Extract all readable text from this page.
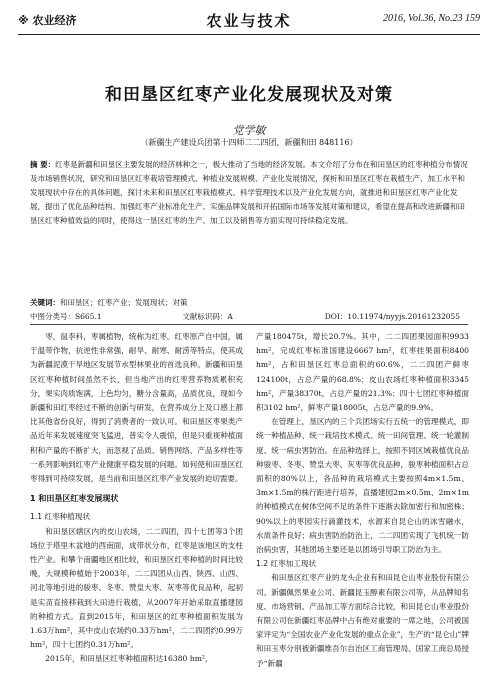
※ 农业经济	农业与技术	2016, Vol.36, No.23 159
和田垦区红枣产业化发展现状及对策
党学敏
（新疆生产建设兵团第十四师二二四团，新疆和田 848116）

摘 要：红枣是新疆和田垦区主要发展的经济林种之一，极大推动了当地的经济发展。本文介绍了分布在和田垦区的红枣种植分布情况及市场销售状况，研究和田垦区红枣栽培管理模式、种植业发展规模、产业化发展情况，探析和田垦区红枣在栽植生产、加工水平和发展现状中存在的具体问题，探讨未来和田垦区红枣栽植模式、科学管理技术以及产业化发展方向，就推进和田垦区红枣产业化发展，提出了优化品种结构、加强红枣产业标准化生产、实施品牌发展和开拓国际市场等发展对策和建议，希望在提高和改进新疆和田垦区红枣种植效益的同时，使得这一垦区红枣的生产、加工以及销售等方面实现可持续稳定发展。

关键词：和田垦区；红枣产业；发展现状；对策
中图分类号：S665.1	文献标识码：A	DOI：10.11974/nyyjs.20161232055

枣，鼠李科，枣属植物，统称为红枣。红枣原产自中国，属于温带作物，抗逆性非常强，耐旱、耐寒、耐涝等特点，使其成为新疆泥漠干旱地区发展节水型林果业的首选良种。新疆和田垦区红枣种植时间虽然不长，但当地产出的红枣营养物质累积充分，果实肉质饱满，上色均匀，糖分含量高，品质优良，现如今新疆和田红枣经过不断的创新与研发，在营养成分上及口感上都比其他省份良好，得到了消费者的一致认可。和田垦区枣果类产品近年来发展速度突飞猛进，普实令人震惊，但是只重视种植面积和产量的不断扩大，而忽视了品质、销售网络、产品多样性等一系列影响到红枣产业健康平稳发展的问题。如何使和田垦区红枣得到可持续发展，是当前和田垦区红枣产业发展的迫切需要。

1 和田垦区红枣发展现状

1.1 红枣种植现状

和田垦区辖区内的皮山农场，二二四团，四十七团等3个团场位于塔里木盆地的西南面，成带状分布，红枣是该地区的支柱性产业。和攀个南疆地区相比较，和田垦区红枣种植的时间比较晚，大规模种植始于2003年，二二四团从山西、陕西、山西、河北等地引进的骏枣、冬枣、赞皇大枣、灰枣等优良品种，起初是实苗直接移栽到大田进行栽植，从2007年开始采取直播建园的种植方式。直到2015年，和田垦区的红枣种植面积发展为1.63万hm²，其中皮山农场约0.33万hm²，二二四团约0.99万hm²，四十七团约0.31万hm²。

2015年，和田垦区红枣种植面积达16380 hm²，

产量180475t，增长20.7%。其中，二二四团果园面积9933 hm²，完成红枣标准国建设6667 hm²，红枣挂果面积8400 hm²，占和田垦区红枣总面积的60.6%，二二四团产鲜枣124100t，占总产量的68.8%；皮山农场红枣种植面积3345 hm²，产量38370t，占总产量的21.3%；四十七团红枣种植面积3102 hm²，鲜枣产量18005t，占总产量的9.9%。

在管理上，垦区内的三个兵团场实行五统一的管理模式，即统一种植品种、统一栽培技术模式、统一田间管理、统一轮灌制度、统一病虫害防治。在品种选择上，按照不同区域栽植优良品种骏枣、冬枣、赞皇大枣、灰枣等优良品种，骏枣种植面积占总面积的80%以上，各品种的栽培模式主要按照4m×1.5m、3m×1.5m的株行距进行培养，直播建园2m×0.5m、2m×1m的种植模式在树体空间不足的条件下逐渐去除加密行和加密株；90%以上的枣园实行滴灌技术，水源来自昆仑山的冰雪融水，水质条件良好；病虫害防治防治上，二二四团实现了飞机统一防治病虫害，其他团场主要还是以团场引导职工防治为主。

1.2 红枣加工现状

和田垦区红枣产业的龙头企业有和田昆仑山枣业股份有限公司、新疆佩然果业公司、新疆昆玉醇素有限公司等，从品牌知名度、市场营销、产品加工等方面综合比较，和田昆仑山枣业股份有限公司在新疆红枣品牌中占有绝对重要的一席之地，公司被国家评定为“全国农业产业化发展的重点企业”，生产的“昆仑山”牌和田玉枣分别被新疆维吾尔自治区工商管理局、国家工商总局授予“新疆
